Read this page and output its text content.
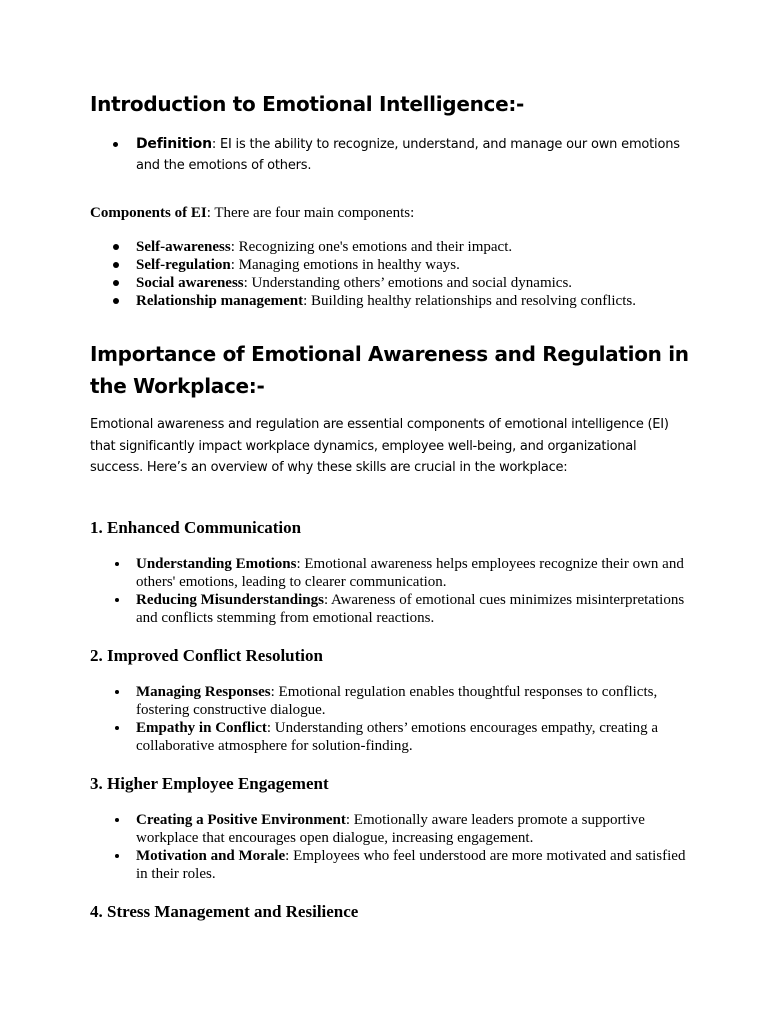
Introduction to Emotional Intelligence:-
Definition: EI is the ability to recognize, understand, and manage our own emotions and the emotions of others.
Components of EI: There are four main components:
Self-awareness: Recognizing one's emotions and their impact.
Self-regulation: Managing emotions in healthy ways.
Social awareness: Understanding others’ emotions and social dynamics.
Relationship management: Building healthy relationships and resolving conflicts.
Importance of Emotional Awareness and Regulation in the Workplace:-
Emotional awareness and regulation are essential components of emotional intelligence (EI) that significantly impact workplace dynamics, employee well-being, and organizational success. Here’s an overview of why these skills are crucial in the workplace:
1. Enhanced Communication
Understanding Emotions: Emotional awareness helps employees recognize their own and others' emotions, leading to clearer communication.
Reducing Misunderstandings: Awareness of emotional cues minimizes misinterpretations and conflicts stemming from emotional reactions.
2. Improved Conflict Resolution
Managing Responses: Emotional regulation enables thoughtful responses to conflicts, fostering constructive dialogue.
Empathy in Conflict: Understanding others’ emotions encourages empathy, creating a collaborative atmosphere for solution-finding.
3. Higher Employee Engagement
Creating a Positive Environment: Emotionally aware leaders promote a supportive workplace that encourages open dialogue, increasing engagement.
Motivation and Morale: Employees who feel understood are more motivated and satisfied in their roles.
4. Stress Management and Resilience
